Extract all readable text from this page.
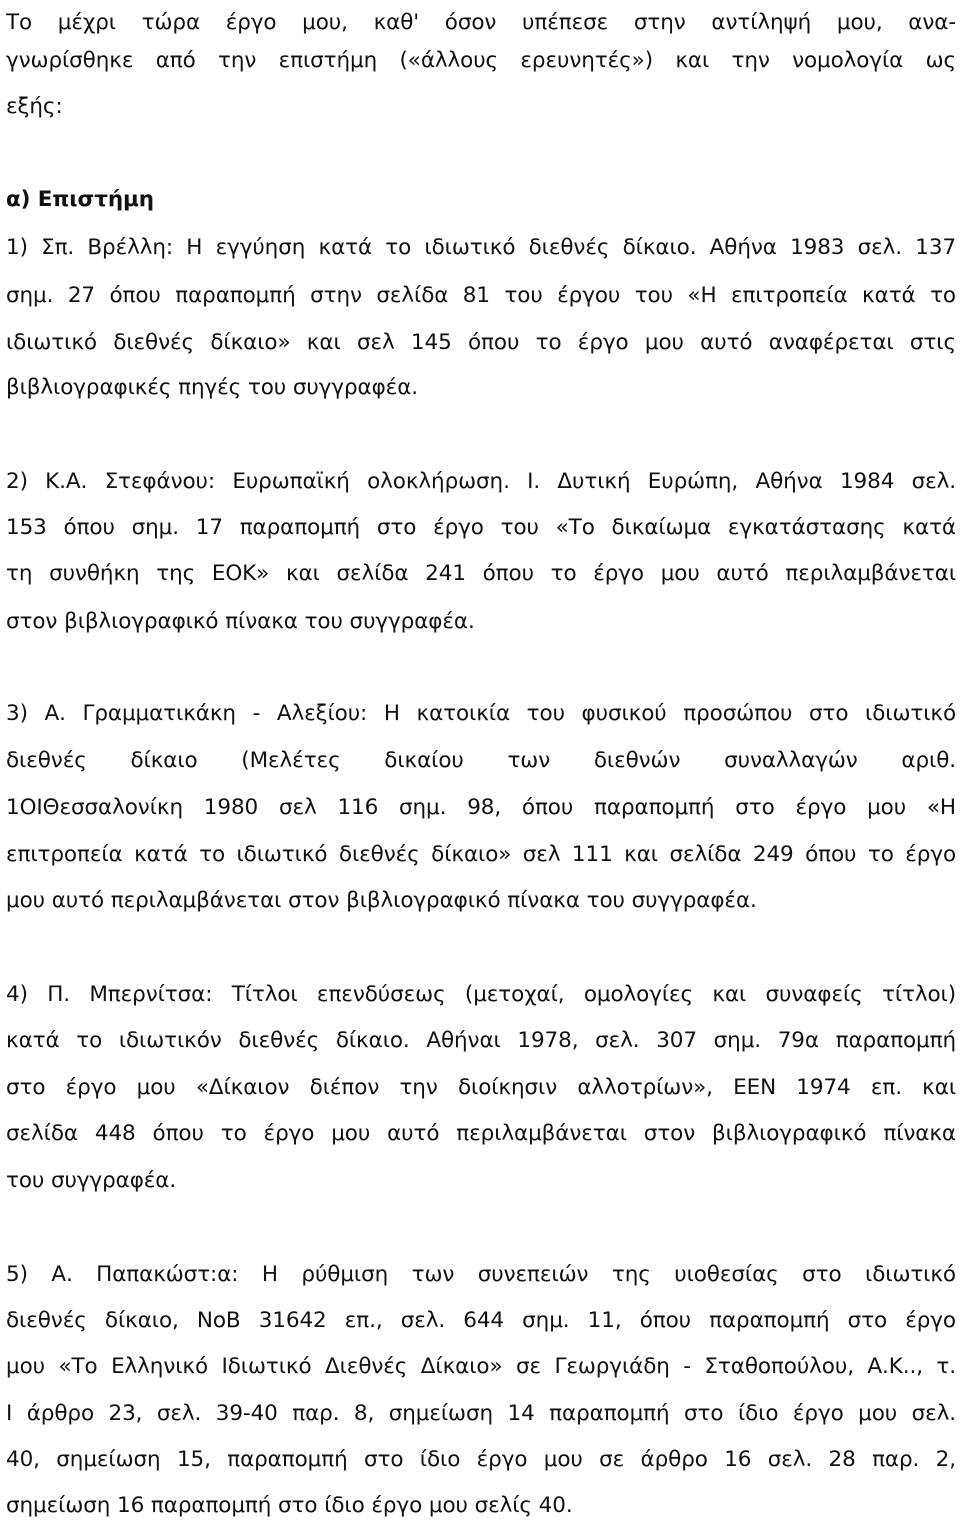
Το μέχρι τώρα έργο μου, καθ' όσον υπέπεσε στην αντίληψή μου, ανα-
γνωρίσθηκε από την επιστήμη («άλλους ερευνητές») και την νομολογία ως
εξής:
α) Επιστήμη
1) Σπ. Βρέλλη: Η εγγύηση κατά το ιδιωτικό διεθνές δίκαιο. Αθήνα 1983 σελ. 137
σημ. 27 όπου παραπομπή στην σελίδα 81 του έργου του «Η επιτροπεία κατά το
ιδιωτικό διεθνές δίκαιο» και σελ 145 όπου το έργο μου αυτό αναφέρεται στις
βιβλιογραφικές πηγές του συγγραφέα.
2) Κ.Α. Στεφάνου: Ευρωπαϊκή ολοκλήρωση. Ι. Δυτική Ευρώπη, Αθήνα 1984 σελ.
153 όπου σημ. 17 παραπομπή στο έργο του «Το δικαίωμα εγκατάστασης κατά
τη συνθήκη της ΕΟΚ» και σελίδα 241 όπου το έργο μου αυτό περιλαμβάνεται
στον βιβλιογραφικό πίνακα του συγγραφέα.
3) Α. Γραμματικάκη - Αλεξίου: Η κατοικία του φυσικού προσώπου στο ιδιωτικό
διεθνές δίκαιο (Μελέτες δικαίου των διεθνών συναλλαγών αριθ.
1ΟΙΘεσσαλονίκη 1980 σελ 116 σημ. 98, όπου παραπομπή στο έργο μου «Η
επιτροπεία κατά το ιδιωτικό διεθνές δίκαιο» σελ 111 και σελίδα 249 όπου το έργο
μου αυτό περιλαμβάνεται στον βιβλιογραφικό πίνακα του συγγραφέα.
4) Π. Μπερνίτσα: Τίτλοι επενδύσεως (μετοχαί, ομολογίες και συναφείς τίτλοι)
κατά το ιδιωτικόν διεθνές δίκαιο. Αθήναι 1978, σελ. 307 σημ. 79α παραπομπή
στο έργο μου «Δίκαιον διέπον την διοίκησιν αλλοτρίων», ΕΕΝ 1974 επ. και
σελίδα 448 όπου το έργο μου αυτό περιλαμβάνεται στον βιβλιογραφικό πίνακα
του συγγραφέα.
5) Α. Παπακώστ:α: Η ρύθμιση των συνεπειών της υιοθεσίας στο ιδιωτικό
διεθνές δίκαιο, ΝοΒ 31642 επ., σελ. 644 σημ. 11, όπου παραπομπή στο έργο
μου «Το Ελληνικό Ιδιωτικό Διεθνές Δίκαιο» σε Γεωργιάδη - Σταθοπούλου, Α.Κ.., τ.
Ι άρθρο 23, σελ. 39-40 παρ. 8, σημείωση 14 παραπομπή στο ίδιο έργο μου σελ.
40, σημείωση 15, παραπομπή στο ίδιο έργο μου σε άρθρο 16 σελ. 28 παρ. 2,
σημείωση 16 παραπομπή στο ίδιο έργο μου σελίς 40.
